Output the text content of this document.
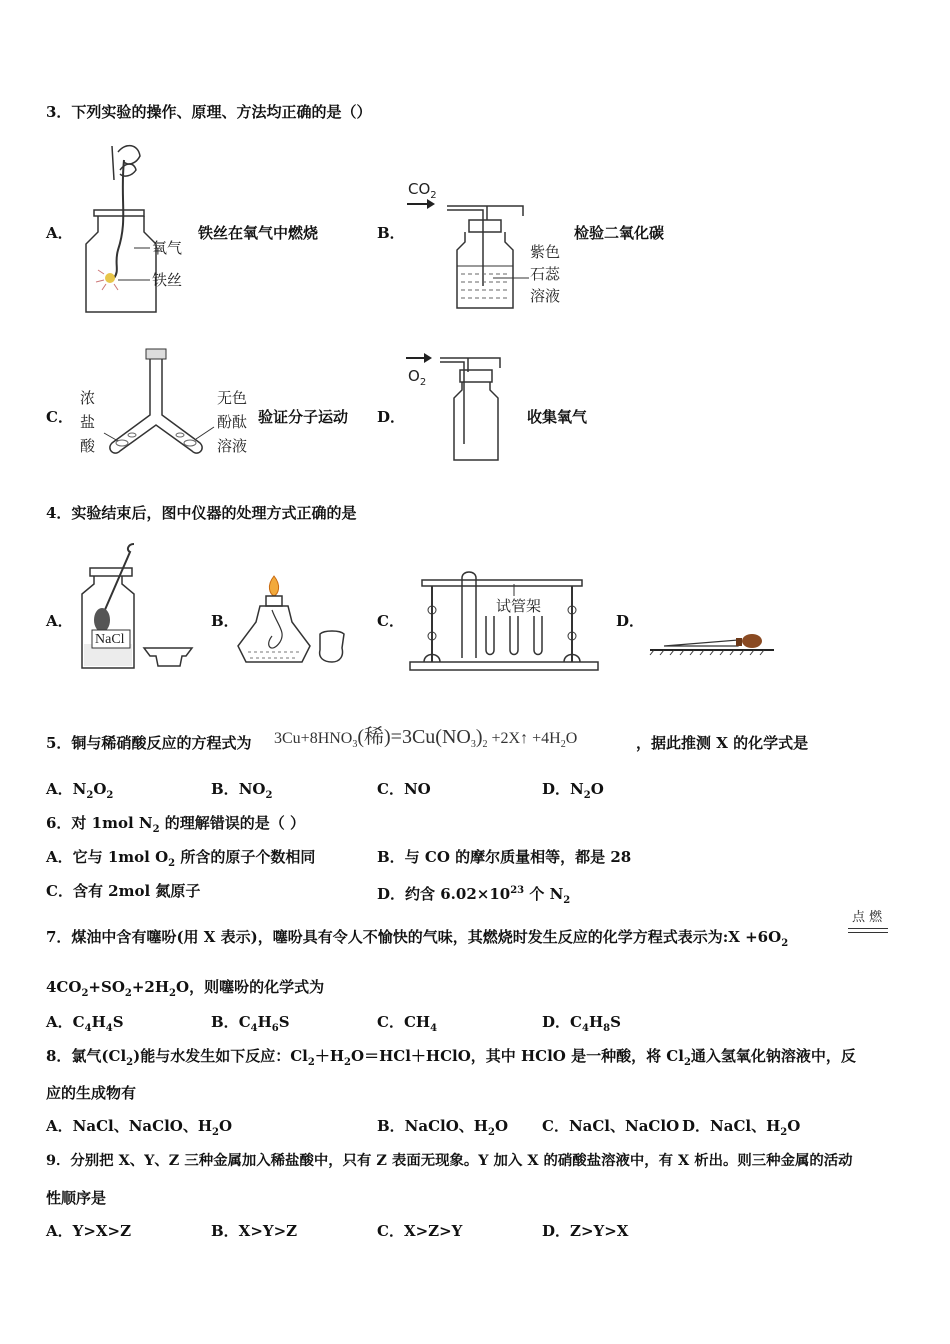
3．下列实验的操作、原理、方法均正确的是（）
A．
氧气
铁丝
铁丝在氧气中燃烧	B．
$CO_2$
紫色
石蕊
溶液
检验二氧化碳
C．
浓
盐
酸
无色
酚酞
溶液
验证分子运动 D．
$O_2$
收集氧气
4．实验结束后，图中仪器的处理方式正确的是
A．
NaCl
B．	C．
试管架
D．
5．铜与稀硝酸反应的方程式为 $3Cu+8HNO_3$(稀)$=3Cu(NO_3)_2$ +2X↑ $+4H_2O$	，据此推测 X 的化学式是
A．$N_2O_2$	B．$NO_2$	C．NO	D．$N_2O$
6．对 1mol $N_2$ 的理解错误的是（ ）
A．它与 1mol $O_2$ 所含的原子个数相同	B．与 CO 的摩尔质量相等，都是 28
C．含有 2mol 氮原子	D．约含 $6.02\times 10^{23}$ 个 $N_2$
7．煤油中含有噻吩(用 X 表示)，噻吩具有令人不愉快的气味，其燃烧时发生反应的化学方程式表示为:X $+6O_2$
点 燃
$4CO_2+SO_2+2H_2O$，则噻吩的化学式为
A．$C_4H_4S$	B．$C_4H_6S$	C．$CH_4$	D．$C_4H_8S$
8．氯气$(Cl_2)$能与水发生如下反应：$Cl_2+H_2O=HCl+HClO$，其中 HClO 是一种酸，将 $Cl_2$通入氢氧化钠溶液中，反
应的生成物有
A．NaCl、NaClO、$H_2O$	B．NaClO、$H_2O$ C．NaCl、NaClO D．NaCl、$H_2O$
9．分别把 X、Y、Z 三种金属加入稀盐酸中，只有 Z 表面无现象。Y 加入 X 的硝酸盐溶液中，有 X 析出。则三种金属的活动
性顺序是
A．Y>X>Z	B．X>Y>Z	C．X>Z>Y	D．Z>Y>X
